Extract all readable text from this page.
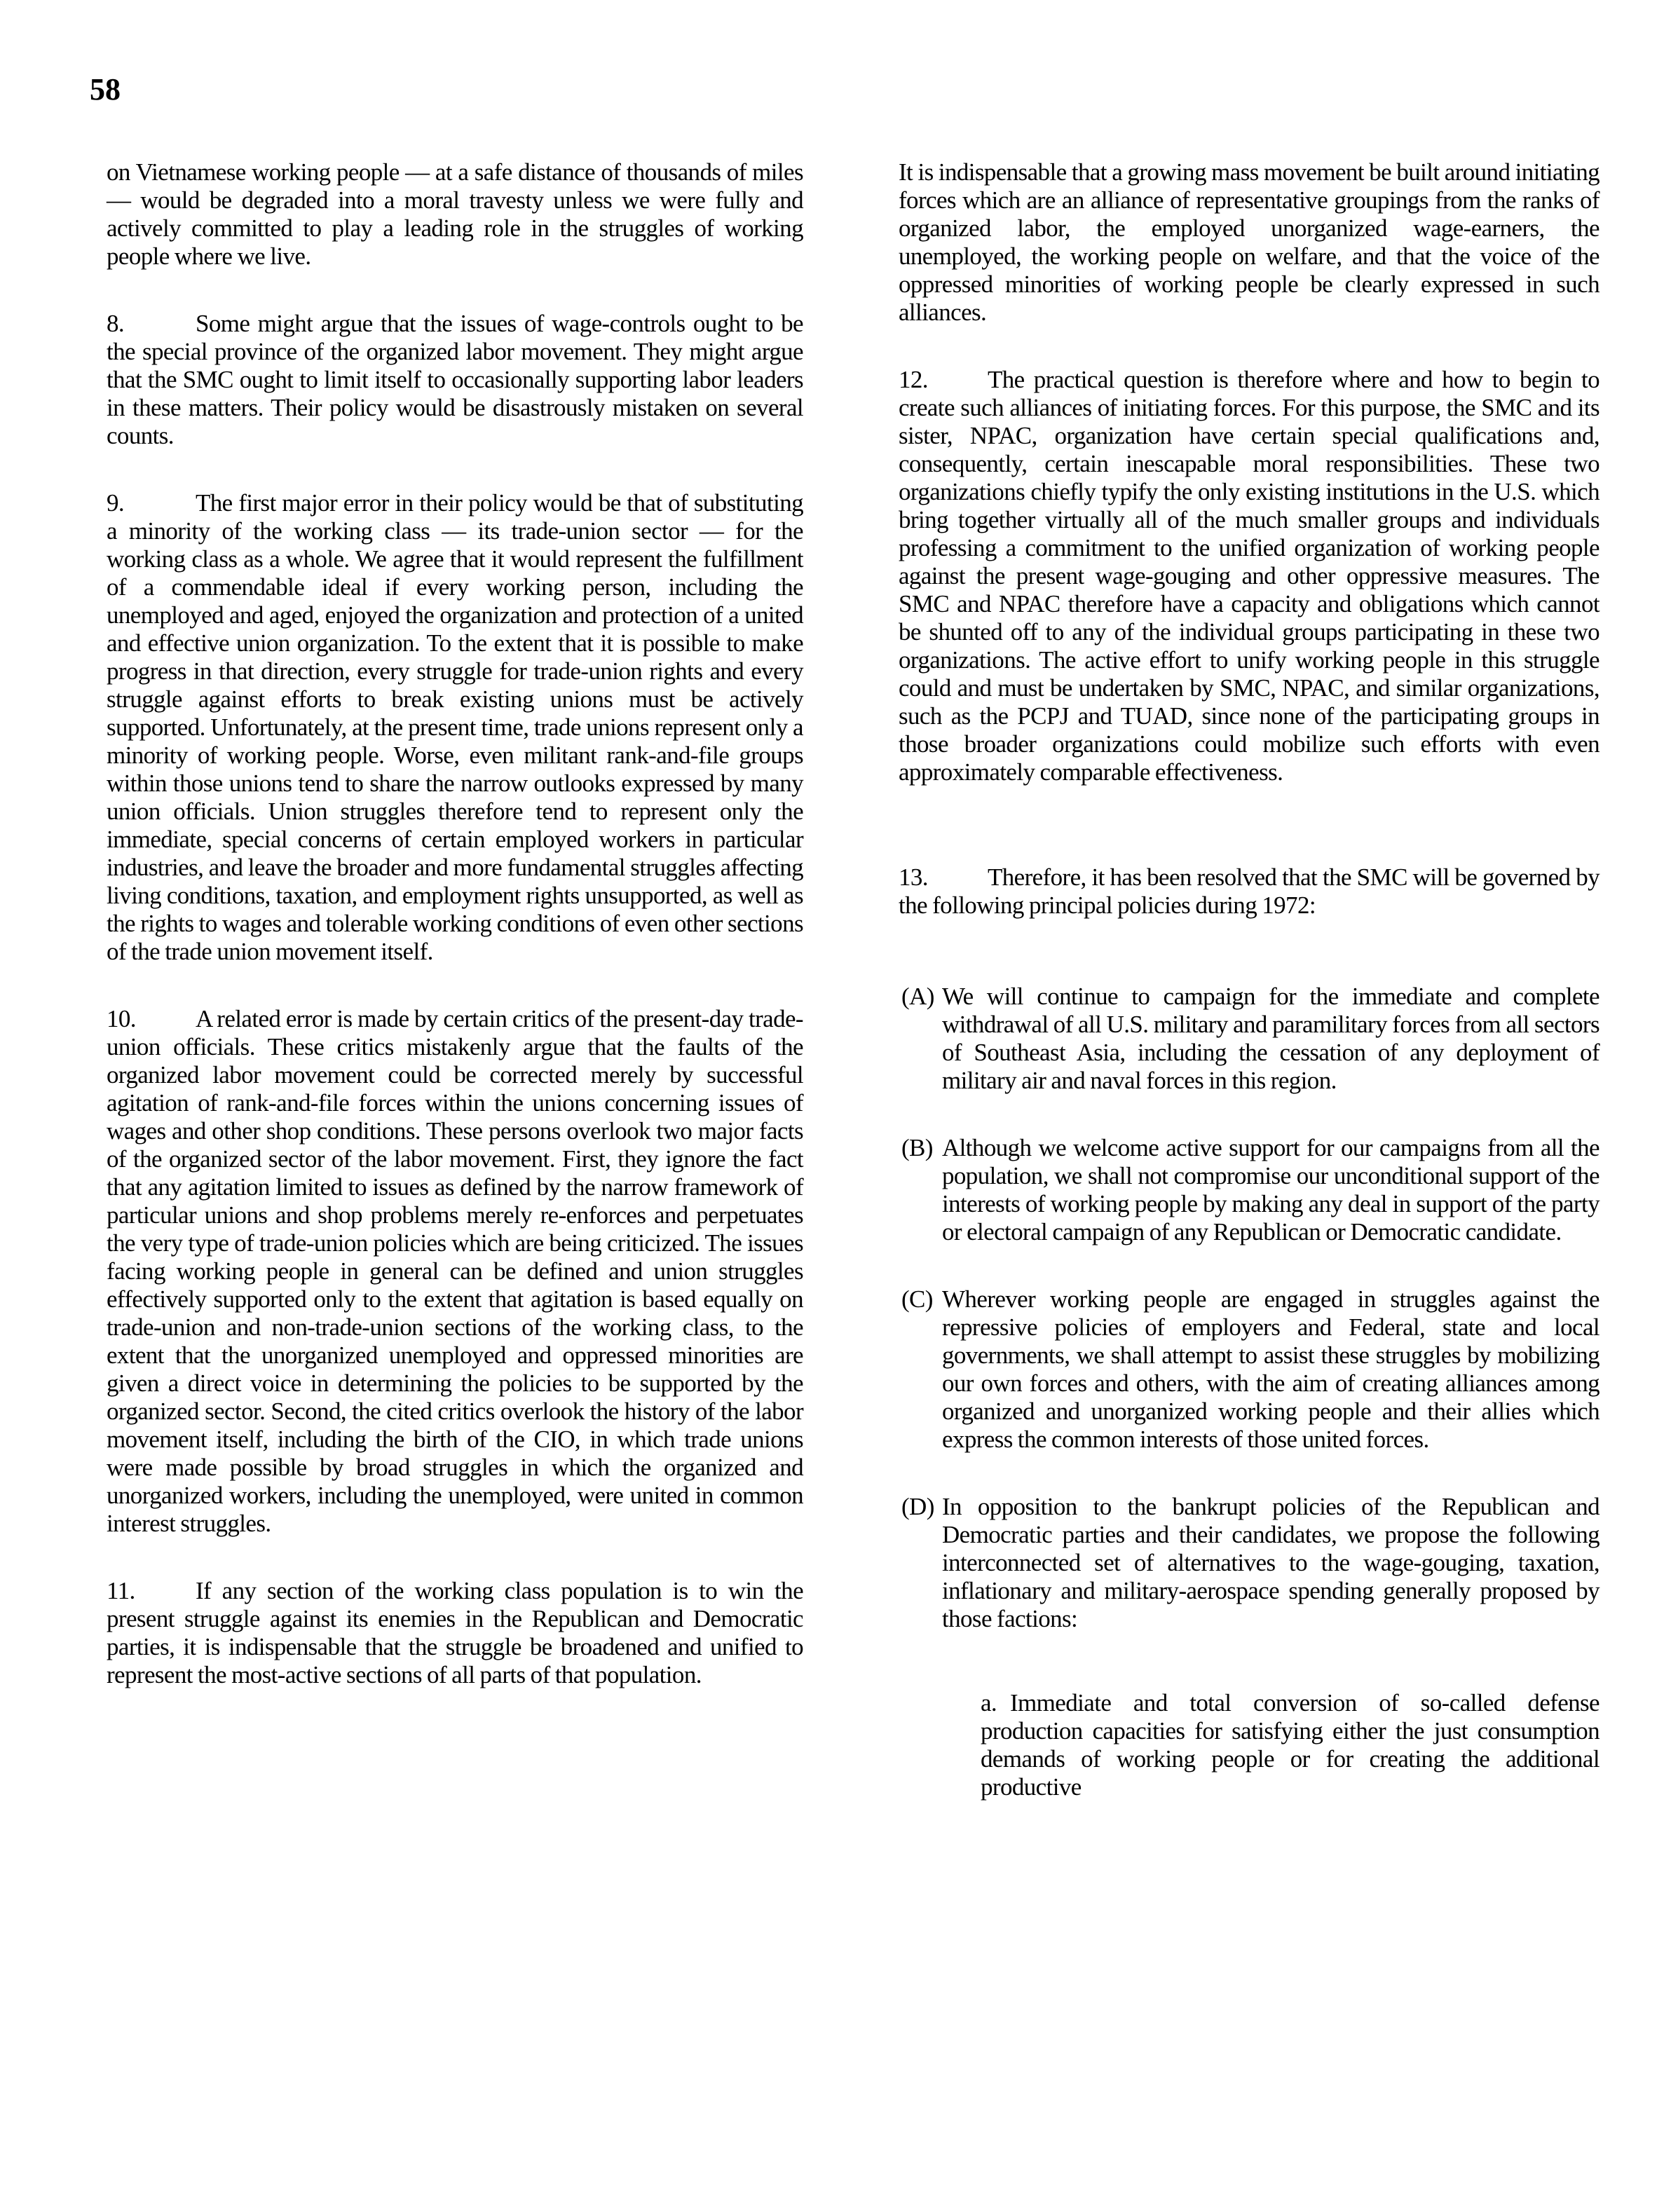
58

on Vietnamese working people — at a safe distance of thousands of miles — would be degraded into a moral travesty unless we were fully and actively committed to play a leading role in the struggles of working people where we live.

8.	Some might argue that the issues of wage-controls ought to be the special province of the organized labor movement. They might argue that the SMC ought to limit itself to occasionally supporting labor leaders in these matters. Their policy would be disastrously mistaken on several counts.

9.	The first major error in their policy would be that of substituting a minority of the working class — its trade-union sector — for the working class as a whole. We agree that it would represent the fulfillment of a commendable ideal if every working person, including the unemployed and aged, enjoyed the organization and protection of a united and effective union organization. To the extent that it is possible to make progress in that direction, every struggle for trade-union rights and every struggle against efforts to break existing unions must be actively supported. Unfortunately, at the present time, trade unions represent only a minority of working people. Worse, even militant rank-and-file groups within those unions tend to share the narrow outlooks expressed by many union officials. Union struggles therefore tend to represent only the immediate, special concerns of certain employed workers in particular industries, and leave the broader and more fundamental struggles affecting living conditions, taxation, and employment rights unsupported, as well as the rights to wages and tolerable working conditions of even other sections of the trade union movement itself.

10. A related error is made by certain critics of the present-day trade-union officials. These critics mistakenly argue that the faults of the organized labor movement could be corrected merely by successful agitation of rank-and-file forces within the unions concerning issues of wages and other shop conditions. These persons overlook two major facts of the organized sector of the labor movement. First, they ignore the fact that any agitation limited to issues as defined by the narrow framework of particular unions and shop problems merely re-enforces and perpetuates the very type of trade-union policies which are being criticized. The issues facing working people in general can be defined and union struggles effectively supported only to the extent that agitation is based equally on trade-union and non-trade-union sections of the working class, to the extent that the unorganized unemployed and oppressed minorities are given a direct voice in determining the policies to be supported by the organized sector. Second, the cited critics overlook the history of the labor movement itself, including the birth of the CIO, in which trade unions were made possible by broad struggles in which the organized and unorganized workers, including the unemployed, were united in common interest struggles.

11. If any section of the working class population is to win the present struggle against its enemies in the Republican and Democratic parties, it is indispensable that the struggle be broadened and unified to represent the most-active sections of all parts of that population.

It is indispensable that a growing mass movement be built around initiating forces which are an alliance of representative groupings from the ranks of organized labor, the employed unorganized wage-earners, the unemployed, the working people on welfare, and that the voice of the oppressed minorities of working people be clearly expressed in such alliances.

12. The practical question is therefore where and how to begin to create such alliances of initiating forces. For this purpose, the SMC and its sister, NPAC, organization have certain special qualifications and, consequently, certain inescapable moral responsibilities. These two organizations chiefly typify the only existing institutions in the U.S. which bring together virtually all of the much smaller groups and individuals professing a commitment to the unified organization of working people against the present wage-gouging and other oppressive measures. The SMC and NPAC therefore have a capacity and obligations which cannot be shunted off to any of the individual groups participating in these two organizations. The active effort to unify working people in this struggle could and must be undertaken by SMC, NPAC, and similar organizations, such as the PCPJ and TUAD, since none of the participating groups in those broader organizations could mobilize such efforts with even approximately comparable effectiveness.

13. Therefore, it has been resolved that the SMC will be governed by the following principal policies during 1972:

(A) We will continue to campaign for the immediate and complete withdrawal of all U.S. military and paramilitary forces from all sectors of Southeast Asia, including the cessation of any deployment of military air and naval forces in this region.
(B) Although we welcome active support for our campaigns from all the population, we shall not compromise our unconditional support of the interests of working people by making any deal in support of the party or electoral campaign of any Republican or Democratic candidate.
(C) Wherever working people are engaged in struggles against the repressive policies of employers and Federal, state and local governments, we shall attempt to assist these struggles by mobilizing our own forces and others, with the aim of creating alliances among organized and unorganized working people and their allies which express the common interests of those united forces.
(D) In opposition to the bankrupt policies of the Republican and Democratic parties and their candidates, we propose the following interconnected set of alternatives to the wage-gouging, taxation, inflationary and military-aerospace spending generally proposed by those factions:

a. Immediate and total conversion of so-called defense production capacities for satisfying either the just consumption demands of working people or for creating the additional productive
